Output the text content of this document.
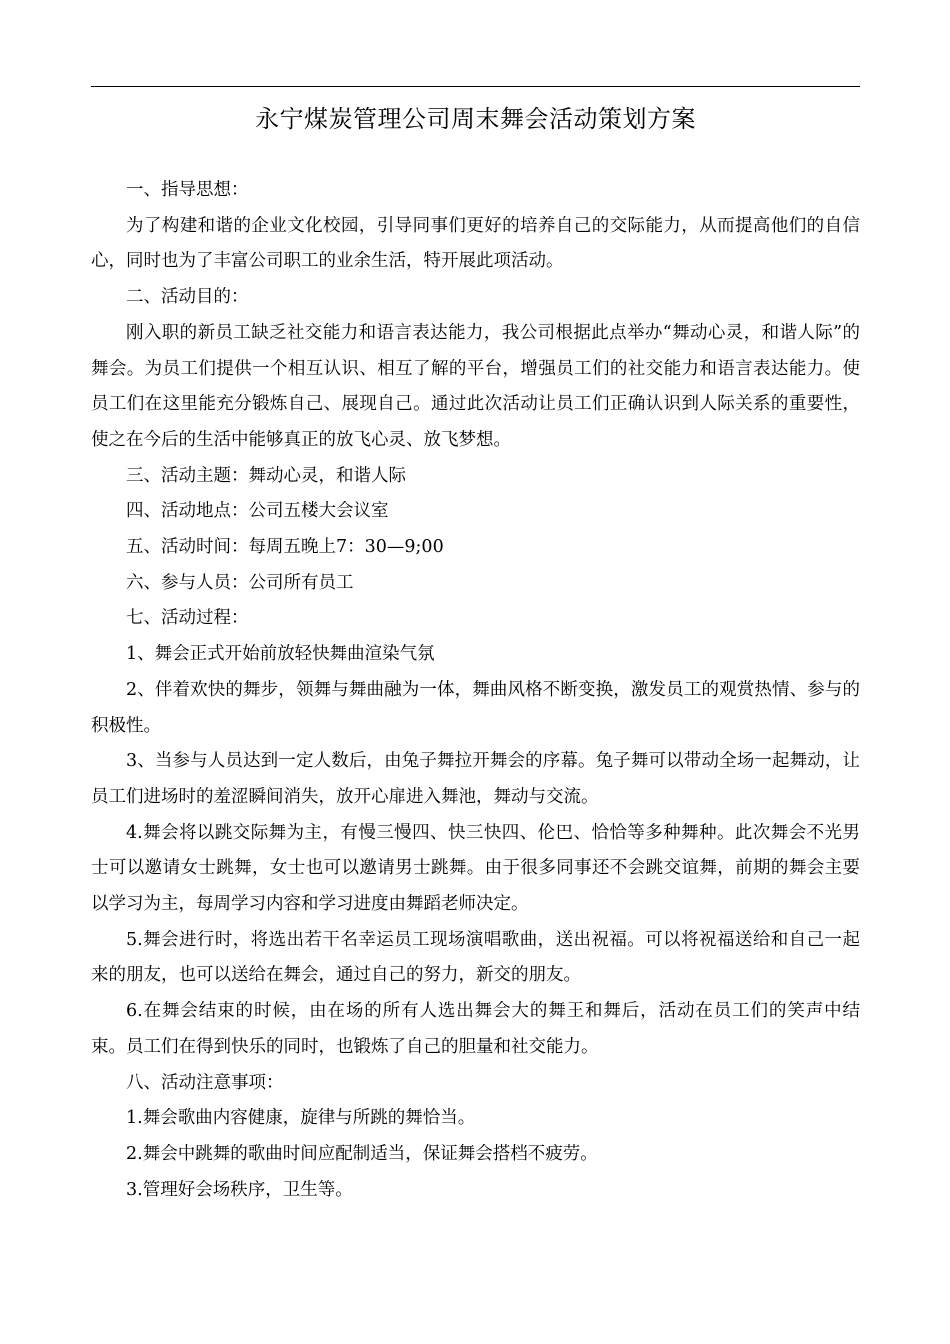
永宁煤炭管理公司周末舞会活动策划方案

一、指导思想：

为了构建和谐的企业文化校园，引导同事们更好的培养自己的交际能力，从而提高他们的自信心，同时也为了丰富公司职工的业余生活，特开展此项活动。

二、活动目的：

刚入职的新员工缺乏社交能力和语言表达能力，我公司根据此点举办“舞动心灵，和谐人际”的舞会。为员工们提供一个相互认识、相互了解的平台，增强员工们的社交能力和语言表达能力。使员工们在这里能充分锻炼自己、展现自己。通过此次活动让员工们正确认识到人际关系的重要性，使之在今后的生活中能够真正的放飞心灵、放飞梦想。

三、活动主题：舞动心灵，和谐人际

四、活动地点：公司五楼大会议室

五、活动时间：每周五晚上7：30—9;00

六、参与人员：公司所有员工

七、活动过程：

1、舞会正式开始前放轻快舞曲渲染气氛

2、伴着欢快的舞步，领舞与舞曲融为一体，舞曲风格不断变换，激发员工的观赏热情、参与的积极性。

3、当参与人员达到一定人数后，由兔子舞拉开舞会的序幕。兔子舞可以带动全场一起舞动，让员工们进场时的羞涩瞬间消失，放开心扉进入舞池，舞动与交流。

4.舞会将以跳交际舞为主，有慢三慢四、快三快四、伦巴、恰恰等多种舞种。此次舞会不光男士可以邀请女士跳舞，女士也可以邀请男士跳舞。由于很多同事还不会跳交谊舞，前期的舞会主要以学习为主，每周学习内容和学习进度由舞蹈老师决定。

5.舞会进行时，将选出若干名幸运员工现场演唱歌曲，送出祝福。可以将祝福送给和自己一起来的朋友，也可以送给在舞会，通过自己的努力，新交的朋友。

6.在舞会结束的时候，由在场的所有人选出舞会大的舞王和舞后，活动在员工们的笑声中结束。员工们在得到快乐的同时，也锻炼了自己的胆量和社交能力。

八、活动注意事项：

1.舞会歌曲内容健康，旋律与所跳的舞恰当。

2.舞会中跳舞的歌曲时间应配制适当，保证舞会搭档不疲劳。

3.管理好会场秩序，卫生等。
